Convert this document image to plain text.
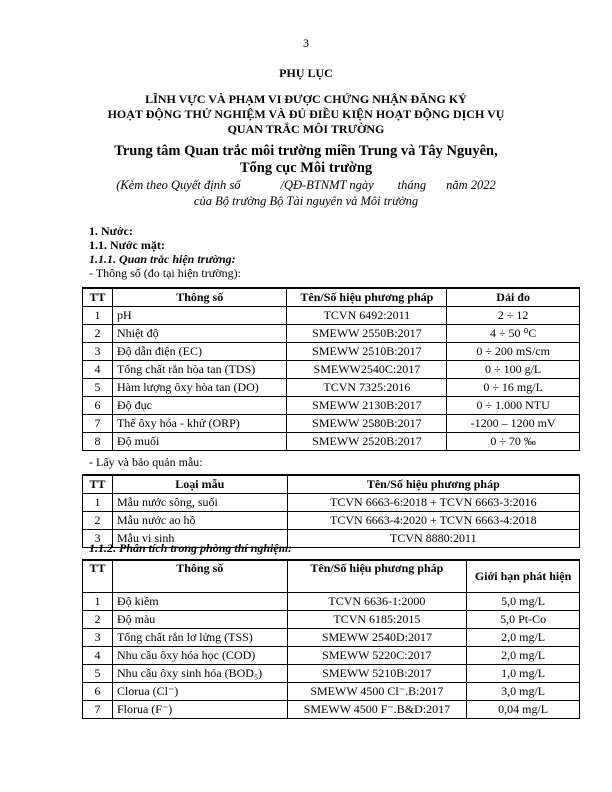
3
PHỤ LỤC
LĨNH VỰC VÀ PHẠM VI ĐƯỢC CHỨNG NHẬN ĐĂNG KÝ
HOẠT ĐỘNG THỬ NGHIỆM VÀ ĐỦ ĐIỀU KIỆN HOẠT ĐỘNG DỊCH VỤ
QUAN TRẮC MÔI TRƯỜNG
Trung tâm Quan trắc môi trường miền Trung và Tây Nguyên,
Tổng cục Môi trường
(Kèm theo Quyết định số	/QĐ-BTNMT ngày tháng năm 2022
của Bộ trưởng Bộ Tài nguyên và Môi trường
1. Nước:
1.1. Nước mặt:
1.1.1. Quan trắc hiện trường:
- Thông số (đo tại hiện trường):
TT	Thông số	Tên/Số hiệu phương pháp	Dải đo
1	pH	TCVN 6492:2011	2 ÷ 12
2	Nhiệt độ	SMEWW 2550B:2017	4 ÷ 50 ⁰C
3	Độ dẫn điện (EC)	SMEWW 2510B:2017	0 ÷ 200 mS/cm
4	Tổng chất rắn hòa tan (TDS)	SMEWW2540C:2017	0 ÷ 100 g/L
5	Hàm lượng ôxy hòa tan (DO)	TCVN 7325:2016	0 ÷ 16 mg/L
6	Độ đục	SMEWW 2130B:2017	0 ÷ 1.000 NTU
7	Thế ôxy hóa - khử (ORP)	SMEWW 2580B:2017	-1200 – 1200 mV
8	Độ muối	SMEWW 2520B:2017	0 ÷ 70 ‰
- Lấy và bảo quản mẫu:
TT	Loại mẫu	Tên/Số hiệu phương pháp
1	Mẫu nước sông, suối	TCVN 6663-6:2018 + TCVN 6663-3:2016
2	Mẫu nước ao hồ	TCVN 6663-4:2020 + TCVN 6663-4:2018
3	Mẫu vi sinh	TCVN 8880:2011
1.1.2. Phân tích trong phòng thí nghiệm:
TT	Thông số	Tên/Số hiệu phương pháp	Giới hạn phát hiện
1	Độ kiềm	TCVN 6636-1:2000	5,0 mg/L
2	Độ màu	TCVN 6185:2015	5,0 Pt-Co
3	Tổng chất rắn lơ lửng (TSS)	SMEWW 2540D:2017	2,0 mg/L
4	Nhu cầu ôxy hóa học (COD)	SMEWW 5220C:2017	2,0 mg/L
5	Nhu cầu ôxy sinh hóa (BOD₅)	SMEWW 5210B:2017	1,0 mg/L
6	Clorua (Cl⁻)	SMEWW 4500 Cl⁻.B:2017	3,0 mg/L
7	Florua (F⁻)	SMEWW 4500 F⁻.B&D:2017	0,04 mg/L
